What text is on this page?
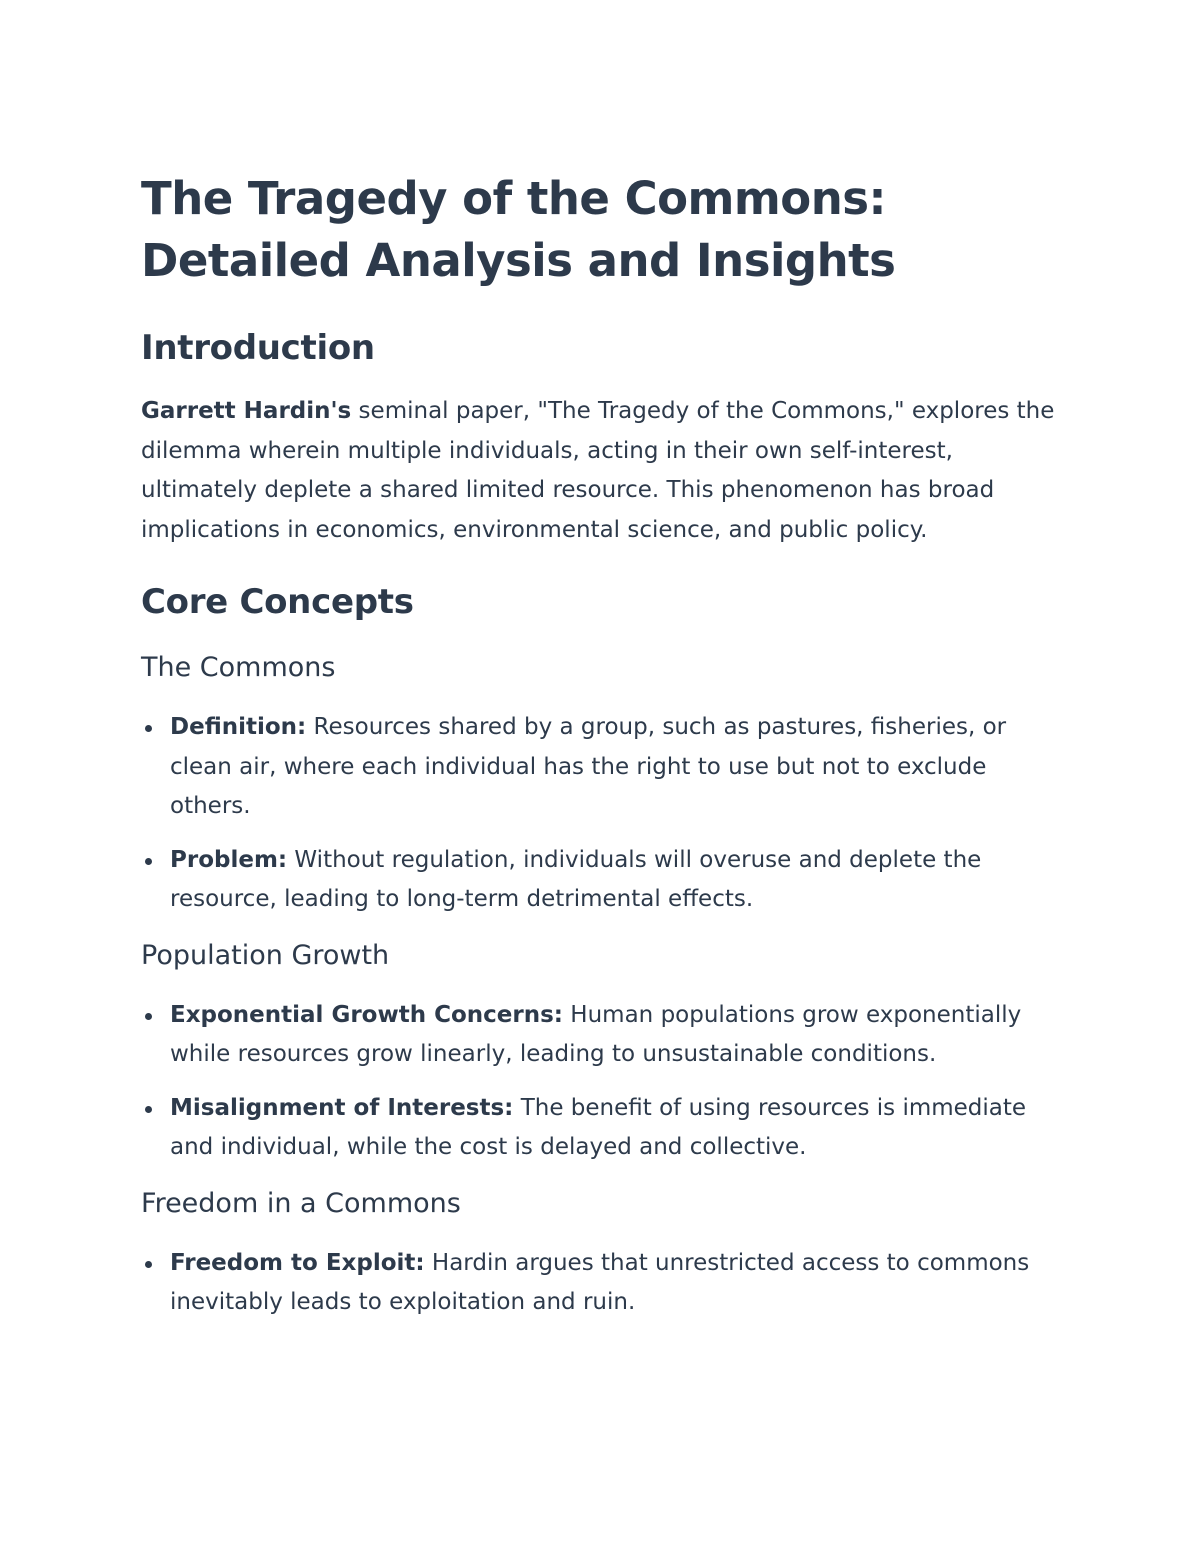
The Tragedy of the Commons: Detailed Analysis and Insights
Introduction

Garrett Hardin's seminal paper, "The Tragedy of the Commons," explores the dilemma wherein multiple individuals, acting in their own self-interest, ultimately deplete a shared limited resource. This phenomenon has broad implications in economics, environmental science, and public policy.

Core Concepts
The Commons
Definition: Resources shared by a group, such as pastures, fisheries, or clean air, where each individual has the right to use but not to exclude others.
Problem: Without regulation, individuals will overuse and deplete the resource, leading to long-term detrimental effects.
Population Growth
Exponential Growth Concerns: Human populations grow exponentially while resources grow linearly, leading to unsustainable conditions.
Misalignment of Interests: The benefit of using resources is immediate and individual, while the cost is delayed and collective.
Freedom in a Commons
Freedom to Exploit: Hardin argues that unrestricted access to commons inevitably leads to exploitation and ruin.
